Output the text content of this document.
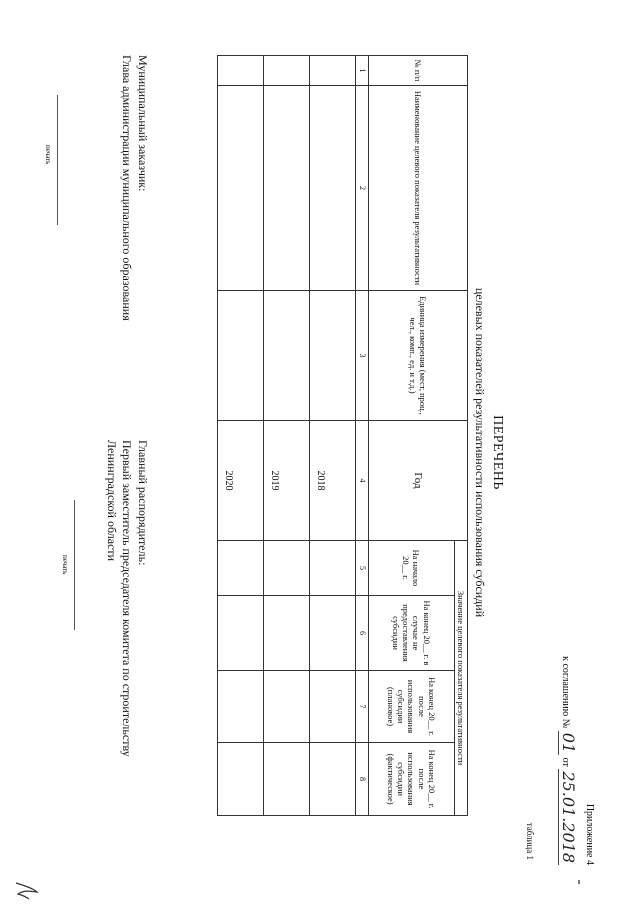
Приложение 4
к соглашению № 01 от 25.01.2018
таблица 1
ПЕРЕЧЕНЬ
целевых показателей результативности использования субсидий
№ п/п	Наименование целевого показателя результативности	Единица измерения (мест, проц., чел., комп., ед. и т.д.)	Год	Значение целевого показателя результативности			
				На начало 20__ г.	На конец 20__ г. в случае не предоставления субсидии	На конец 20__ г. после использования субсидии (плановое)	На конец 20__ г. после использования субсидии (фактическое)
1	2	3	4	5	6	7	8
			2018				
			2019				
			2020				
Муниципальный заказчик:
Глава администрации муниципального образования
печать
Главный распорядитель:
Первый заместитель председателя комитета по строительству Ленинградской области
печать
